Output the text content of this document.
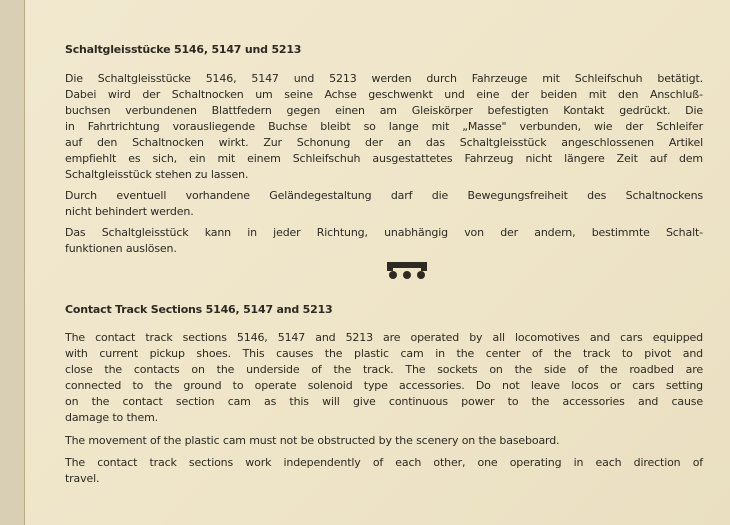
Schaltgleisstücke 5146, 5147 und 5213
Die Schaltgleisstücke 5146, 5147 und 5213 werden durch Fahrzeuge mit Schleifschuh betätigt.
Dabei wird der Schaltnocken um seine Achse geschwenkt und eine der beiden mit den Anschluß-
buchsen verbundenen Blattfedern gegen einen am Gleiskörper befestigten Kontakt gedrückt. Die
in Fahrtrichtung vorausliegende Buchse bleibt so lange mit „Masse" verbunden, wie der Schleifer
auf den Schaltnocken wirkt. Zur Schonung der an das Schaltgleisstück angeschlossenen Artikel
empfiehlt es sich, ein mit einem Schleifschuh ausgestattetes Fahrzeug nicht längere Zeit auf dem
Schaltgleisstück stehen zu lassen.
Durch eventuell vorhandene Geländegestaltung darf die Bewegungsfreiheit des Schaltnockens
nicht behindert werden.
Das Schaltgleisstück kann in jeder Richtung, unabhängig von der andern, bestimmte Schalt-
funktionen auslösen.
Contact Track Sections 5146, 5147 and 5213
The contact track sections 5146, 5147 and 5213 are operated by all locomotives and cars equipped
with current pickup shoes. This causes the plastic cam in the center of the track to pivot and
close the contacts on the underside of the track. The sockets on the side of the roadbed are
connected to the ground to operate solenoid type accessories. Do not leave locos or cars setting
on the contact section cam as this will give continuous power to the accessories and cause
damage to them.
The movement of the plastic cam must not be obstructed by the scenery on the baseboard.
The contact track sections work independently of each other, one operating in each direction of
travel.
